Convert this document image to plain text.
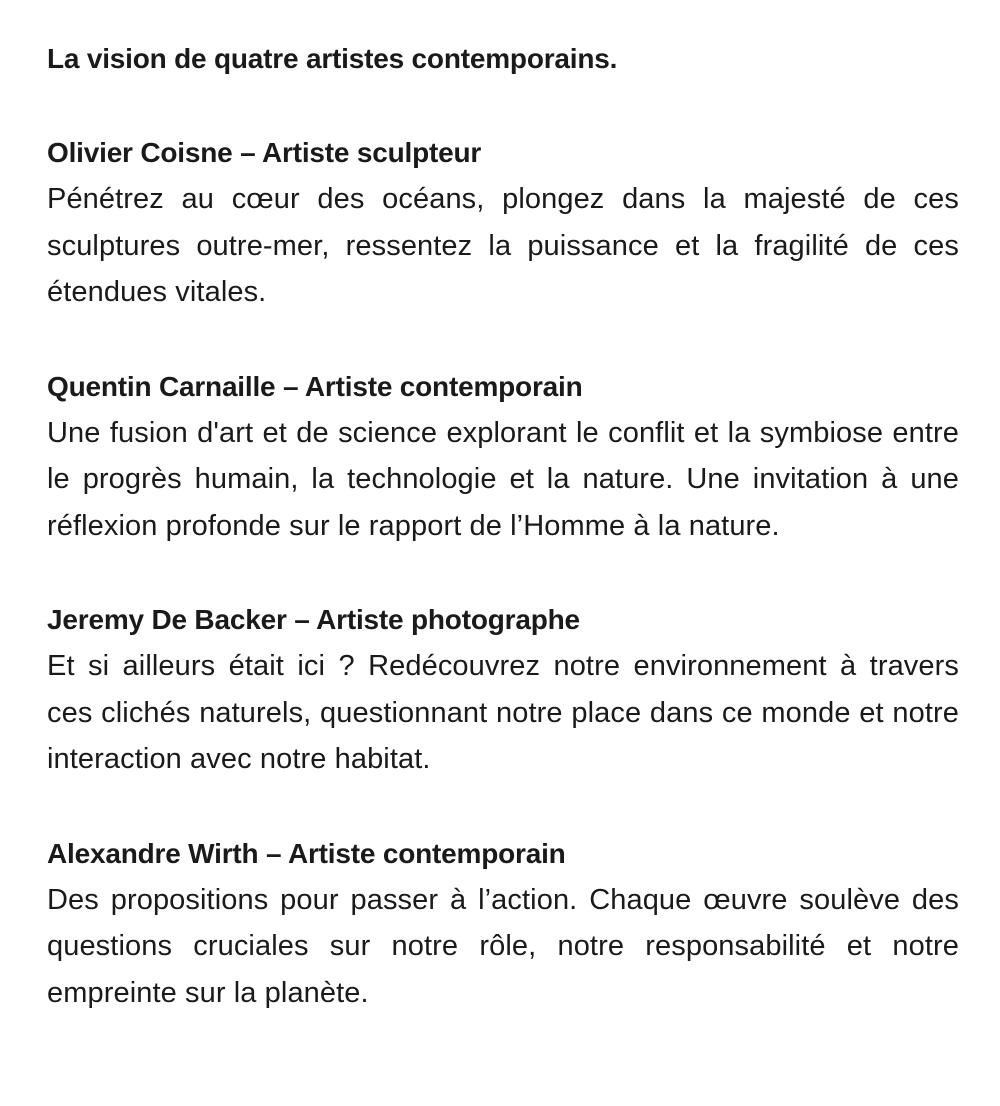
La vision de quatre artistes contemporains.
Olivier Coisne – Artiste sculpteur

Pénétrez au cœur des océans, plongez dans la majesté de ces sculptures outre-mer, ressentez la puissance et la fragilité de ces étendues vitales.

Quentin Carnaille – Artiste contemporain

Une fusion d'art et de science explorant le conflit et la symbiose entre le progrès humain, la technologie et la nature. Une invitation à une réflexion profonde sur le rapport de l’Homme à la nature.

Jeremy De Backer – Artiste photographe

Et si ailleurs était ici ? Redécouvrez notre environnement à travers ces clichés naturels, questionnant notre place dans ce monde et notre interaction avec notre habitat.

Alexandre Wirth – Artiste contemporain

Des propositions pour passer à l’action. Chaque œuvre soulève des questions cruciales sur notre rôle, notre responsabilité et notre empreinte sur la planète.
